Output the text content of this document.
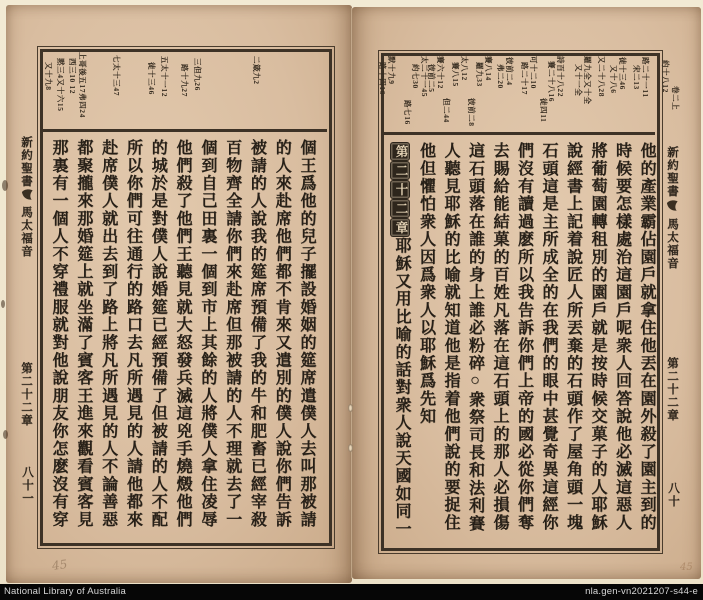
二箴九2
三但九26
路十九27
五太十一12
徒十三46
七太十三47
上哥後五17弗四24
西三10 12
黙三4又十六15
又十九8	約十八12
卷二上
路二十一11
宋二13
徒十三46
又十八6
又二十八28
羅九全又十全
又十一全
詩百十八22
賽二十八16
徒四11
可十二10
路二十17
彼前二4
弗二20
賽八14
羅九33
彼前二8
太八12
賽八15
但二44
賽六十12
彼前二5
太二十一45
約七30
路七16
默十九9
路十四16
個王爲他的兒子擺設婚姻的筵席遣僕人去叫那被請
的人來赴席他們都不肯來又遣別的僕人說你們告訴
被請的人說我的筵席預備了我的牛和肥畜已經宰殺
百物齊全請你們來赴席但那被請的人不理就去了一
個到自己田裏一個到市上其餘的人將僕人拿住凌辱
他們殺了他們王聽見就大怒發兵滅這兇手燒燬他們
的城於是對僕人說婚筵已經預備了但被請的人不配
所以你們可往通行的路口去凡所遇見的人請他都來
赴席僕人就出去到了路上將凡所遇見的人不論善惡
都聚攏來那婚筵上就坐滿了賓客王進來觀看賓客見
那裏有一個人不穿禮服就對他說朋友你怎麽沒有穿	他的產業霸佔園戶就拿住他丟在園外殺了園主到的
時候要怎樣處治這園戶呢衆人回答說他必滅這惡人
將葡萄園轉租別的園戶就是按時候交菓子的人耶穌
說經書上記着說匠人所丟棄的石頭作了屋角頭一塊
石頭這是主所成全的在我們的眼中甚覺奇異這經你
們沒有讀過麽所以我告訴你們上帝的國必從你們奪
去賜給能結菓的百姓凡落在這石頭上的那人必損傷
這石頭落在誰的身上誰必粉碎○衆祭司長和法利賽
人聽見耶穌的比喻就知道他是指着他們說的要捉住
他但懼怕衆人因爲衆人以耶穌爲先知
第二十二章耶穌又用比喻的話對衆人說天國如同一
新約聖書
馬太福音
第二十二章
八十一
新約聖書
馬太福音
第二十二章
八十
45	45
National Library of Australia	nla.gen-vn2021207-s44-e
